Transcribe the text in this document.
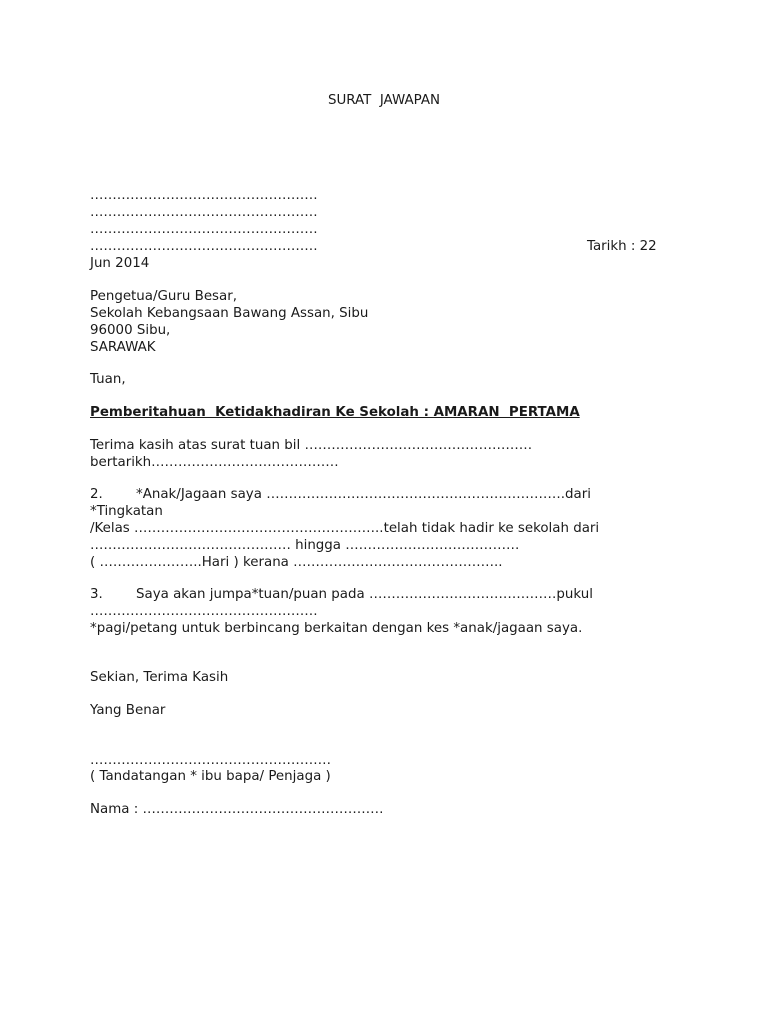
SURAT  JAWAPAN
……………………………………………
……………………………………………
……………………………………………
……………………………………………	Tarikh : 22
Jun 2014
Pengetua/Guru Besar,
Sekolah Kebangsaan Bawang Assan, Sibu
96000 Sibu,
SARAWAK
Tuan,
Pemberitahuan  Ketidakhadiran Ke Sekolah : AMARAN  PERTAMA
Terima kasih atas surat tuan bil ……………………………………………
bertarikh……………………………………
2. *Anak/Jagaan saya ………………………………………………………….dari
*Tingkatan
/Kelas ………………………………………………..telah tidak hadir ke sekolah dari
……………………………………… hingga …………………………………
( …………………..Hari ) kerana ………………………………………..
3. Saya akan jumpa*tuan/puan pada ……………………………………pukul
……………………………………………
*pagi/petang untuk berbincang berkaitan dengan kes *anak/jagaan saya.
Sekian, Terima Kasih
Yang Benar
………………………………………………
( Tandatangan * ibu bapa/ Penjaga )
Nama : ………………………………………………
